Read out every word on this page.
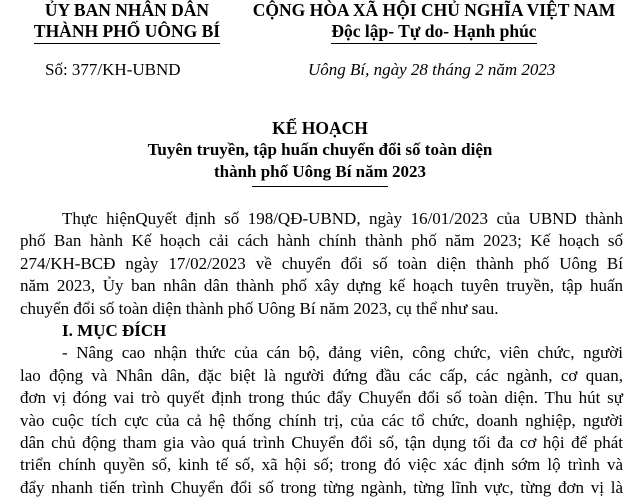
ỦY BAN NHÂN DÂN
THÀNH PHỐ UÔNG BÍ
CỘNG HÒA XÃ HỘI CHỦ NGHĨA VIỆT NAM
Độc lập- Tự do- Hạnh phúc
Số: 377/KH-UBND	Uông Bí, ngày 28 tháng 2 năm 2023
KẾ HOẠCH
Tuyên truyền, tập huấn chuyển đổi số toàn diện
thành phố Uông Bí năm 2023
Thực hiệnQuyết định số 198/QĐ-UBND, ngày 16/01/2023 của UBND thành
phố Ban hành Kế hoạch cải cách hành chính thành phố năm 2023; Kế hoạch số
274/KH-BCĐ ngày 17/02/2023 về chuyển đổi số toàn diện thành phố Uông Bí
năm 2023, Ủy ban nhân dân thành phố xây dựng kế hoạch tuyên truyền, tập huấn
chuyển đổi số toàn diện thành phố Uông Bí năm 2023, cụ thể như sau.
I. MỤC ĐÍCH
- Nâng cao nhận thức của cán bộ, đảng viên, công chức, viên chức, người
lao động và Nhân dân, đặc biệt là người đứng đầu các cấp, các ngành, cơ quan,
đơn vị đóng vai trò quyết định trong thúc đẩy Chuyển đổi số toàn diện. Thu hút sự
vào cuộc tích cực của cả hệ thống chính trị, của các tổ chức, doanh nghiệp, người
dân chủ động tham gia vào quá trình Chuyển đổi số, tận dụng tối đa cơ hội để phát
triển chính quyền số, kinh tế số, xã hội số; trong đó việc xác định sớm lộ trình và
đẩy nhanh tiến trình Chuyển đổi số trong từng ngành, từng lĩnh vực, từng đơn vị là
